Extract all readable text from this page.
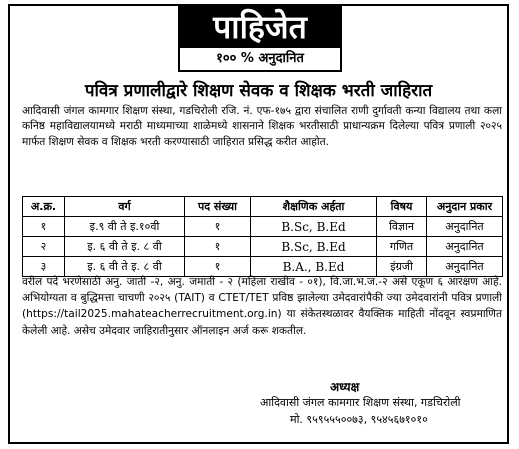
पाहिजेत
१०० % अनुदानित
पवित्र प्रणालीद्वारे शिक्षण सेवक व शिक्षक भरती जाहिरात
आदिवासी जंगल कामगार शिक्षण संस्था, गडचिरोली रजि. नं. एफ-१७५ द्वारा संचालित राणी दुर्गावती कन्या विद्यालय तथा कला कनिष्ठ महाविद्यालयामध्ये मराठी माध्यमाच्या शाळेमध्ये शासनाने शिक्षक भरतीसाठी प्राधान्यक्रम दिलेल्या पवित्र प्रणाली २०२५ मार्फत शिक्षण सेवक व शिक्षक भरती करण्यासाठी जाहिरात प्रसिद्ध करीत आहोत.
अ.क्र.	वर्ग	पद संख्या	शैक्षणिक अर्हता	विषय	अनुदान प्रकार
१	इ.९ वी ते इ.१०वी	१	B.Sc, B.Ed	विज्ञान	अनुदानित
२	इ. ६ वी ते इ. ८ वी	१	B.Sc, B.Ed	गणित	अनुदानित
३	इ. ६ वी ते इ. ८ वी	१	B.A., B.Ed	इंग्रजी	अनुदानित
वरील पदे भरणेसाठी अनु. जाती -२, अनु. जमाती - २ (महिला राखीव - ०१), वि.जा.भ.ज.-२ असे एकूण ६ आरक्षण आहे. अभियोग्यता व बुद्धिमत्ता चाचणी २०२५ (TAIT) व CTET/TET प्रविष्ठ झालेल्या उमेदवारांपैकी ज्या उमेदवारांनी पवित्र प्रणाली (https://tail2025.mahateacherrecruitment.org.in) या संकेतस्थळावर वैयक्तिक माहिती नोंदवून स्वप्रमाणित केलेली आहे. असेच उमेदवार जाहिरातीनुसार ऑनलाइन अर्ज करू शकतील.
अध्यक्ष
आदिवासी जंगल कामगार शिक्षण संस्था, गडचिरोली
मो. ९५९५५५००७३, ९५४५६७१०१०
